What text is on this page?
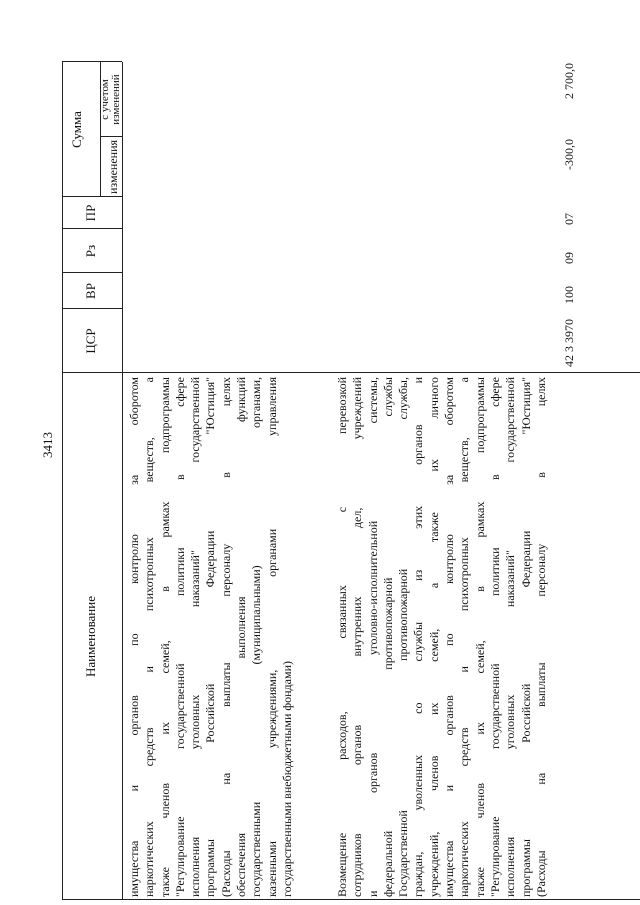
3413
Наименование
ЦСР
ВР
Рз
ПР
Сумма
изменения
с учетом изменений
имущества и органов по контролю за оборотом наркотических средств и психотропных веществ, а также членов их семей, в рамках подпрограммы "Регулирование государственной политики в сфере исполнения уголовных наказаний" государственной программы Российской Федерации "Юстиция" (Расходы на выплаты персоналу в целях обеспечения выполнения функций государственными (муниципальными) органами, казенными учреждениями, органами управления государственными внебюджетными фондами)	Возмещение расходов, связанных с перевозкой сотрудников органов внутренних дел, учреждений и органов уголовно-исполнительной системы, федеральной противопожарной службы Государственной противопожарной службы, граждан, уволенных со службы из этих органов и учреждений, членов их семей, а также их личного имущества и органов по контролю за оборотом наркотических средств и психотропных веществ, а также членов их семей, в рамках подпрограммы "Регулирование государственной политики в сфере исполнения уголовных наказаний" государственной программы Российской Федерации "Юстиция" (Расходы на выплаты персоналу в целях
42 3 3970
100
09
07
-300,0
2 700,0
